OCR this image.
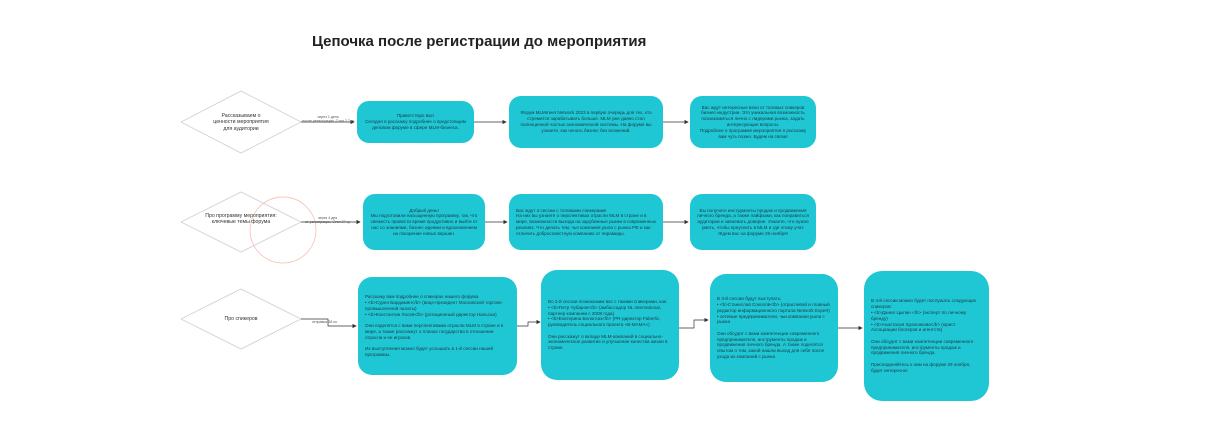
Цепочка после регистрации до мероприятия
Рассказываем о ценности мероприятия для аудитории
Про программу мероприятия: ключевые темы форума
Про спикеров
через 1 день
после регистрации. Стол 2 7 ку
через 4 дня
от регистрации. Стол 27 ку
отправка 28 no
Приветствую вас!
Сегодня я расскажу подробнее о предстоящем деловом форуме в сфере MLM-бизнеса.
Форум MLMmeet Network 2023 в первую очередь для тех, кто стремится зарабатывать больше. MLM уже давно стал полноценной частью экономической системы. На форуме вы узнаете, как начать бизнес без вложений.
Вас ждут интересные вехи от топовых спикеров бизнес-индустрии. Это уникальная возможность познакомиться лично с лидерами рынка, задать интересующие вопросы.
Подробнее о программе мероприятия я расскажу вам чуть позже. Будем на связи!
Добрый день!
Мы подготовили насыщенную программу, так, что свежесть провести время продуктивно и выйти от нас со знаниями, бизнес идеями и вдохновением на покорение новых вершин.
Вас ждут 4 сессии с топовыми спикерами!
На них вы узнаете о перспективах отрасли MLM в стране и в мире, возможности выхода на зарубежные рынки в современных реалиях. Что делать тем, чья компания ушла с рынка РФ и как отличить добросовестную компанию от пирамиды.
Вы получите инструменты продаж и продвижения личного бренда, а также лайфхаки, как понравиться аудитории и завоевать доверие. Узнаете, что нужно уметь, чтобы преуспеть в MLM и где этому учат.
Ждем вас на форуме 29 ноября!
Расскажу вам подробнее о спикерах нашего форума.
• <b>Сурен Бардамян</b> (вице-президент Московской торгово-промышленной палаты)
• <b>Константин Лосев</b> (ротационный директор Нальсан)

Они поделятся с вами перспективами отрасли MLM в стране и в мире, а также расскажут о планах государства в отношении отрасли и ее игроков.

Их выступления можно будет услышать в 1-й сессии нашей программы.
Во 2-й сессии познакомим вас с такими спикерами, как:
• <b>Петр Чубаров</b> (амбассадор NL International, партнер компании с 2008 года)
• <b>Екатерина Белоглаз</b> (PR-директор Faberlic, руководитель социального проекта «В-МАМА»)

Они расскажут о вкладе MLM-компаний в социально-экономическое развитие и улучшение качества жизни в стране.
В 3-й сессии будут выступать:
• <b>Станислав Соколов</b> (отраслевой и главный редактор информационного портала Network Expert)
• сетевые предприниматели, чьи компании ушли с рынка

Они обсудят с вами компетенции современного предпринимателя, инструменты продаж и продвижения личного бренда. А также поделятся опытом о том, какой нашли выход для себя после ухода их компаний с рынка
В 4-й сессии можно будет послушать следующих спикеров:
• <b>Данил Цыпин </b> (эксперт по личному бренду)
• <b>Анастасия Храпонкова</b> (юрист Ассоциации блогеров и агентств)

Они обсудят с вами компетенции современного предпринимателя, инструменты продаж и продвижения личного бренда.

Присоединяйтесь к нам на форуме 29 ноября, будет интересно!
